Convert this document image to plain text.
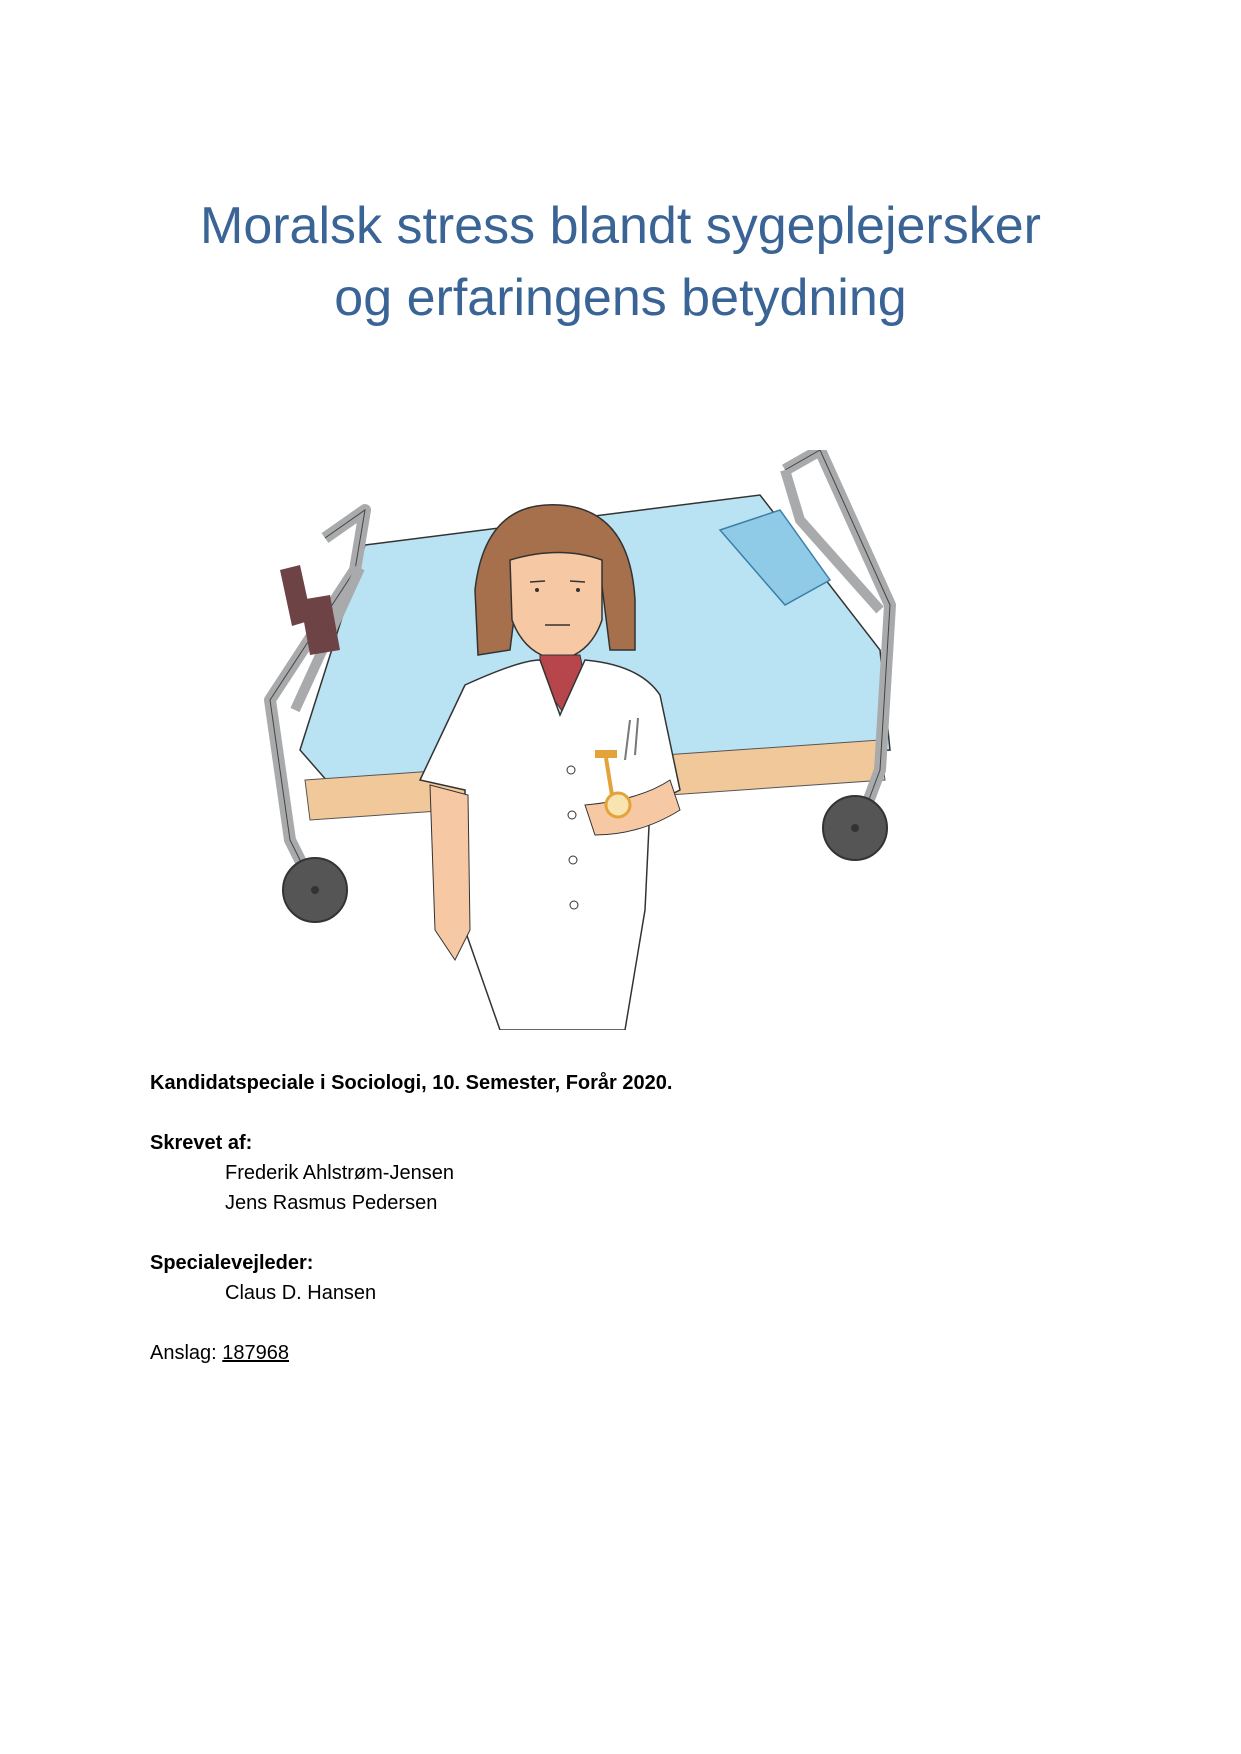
Moralsk stress blandt sygeplejersker
og erfaringens betydning
Kandidatspeciale i Sociologi, 10. Semester, Forår 2020.
Skrevet af:
Frederik Ahlstrøm-Jensen
Jens Rasmus Pedersen
Specialevejleder:
Claus D. Hansen
Anslag: 187968
